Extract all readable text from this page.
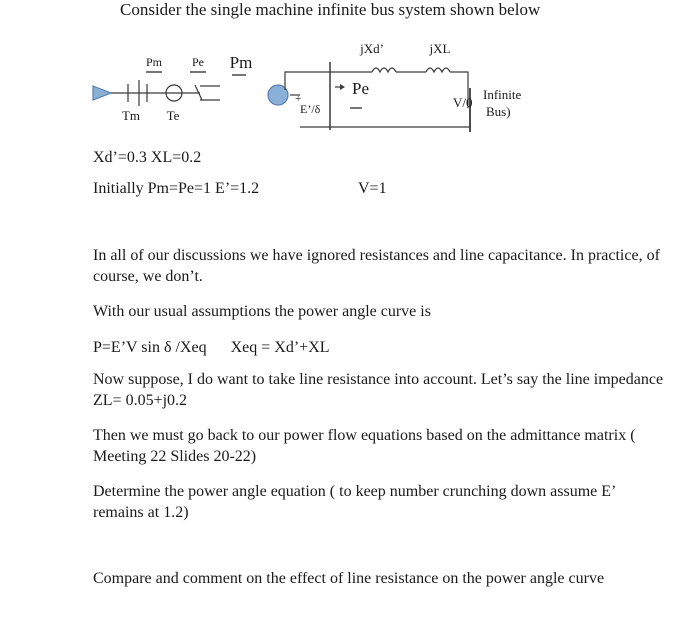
Consider the single machine infinite bus system shown below
Pm Pe Pm
Tm Te
jXd’	jXL
Pe
+
E’/δ	V/0
Infinite
Bus)
Xd’=0.3 XL=0.2
Initially Pm=Pe=1 E’=1.2	V=1
In all of our discussions we have ignored resistances and line capacitance. In practice, of course, we don’t.
With our usual assumptions the power angle curve is
P=E’V sin δ /Xeq      Xeq = Xd’+XL
Now suppose, I do want to take line resistance into account. Let’s say the line impedance ZL= 0.05+j0.2
Then we must go back to our power flow equations based on the admittance matrix ( Meeting 22 Slides 20-22)
Determine the power angle equation ( to keep number crunching down assume E’ remains at 1.2)
Compare and comment on the effect of line resistance on the power angle curve
